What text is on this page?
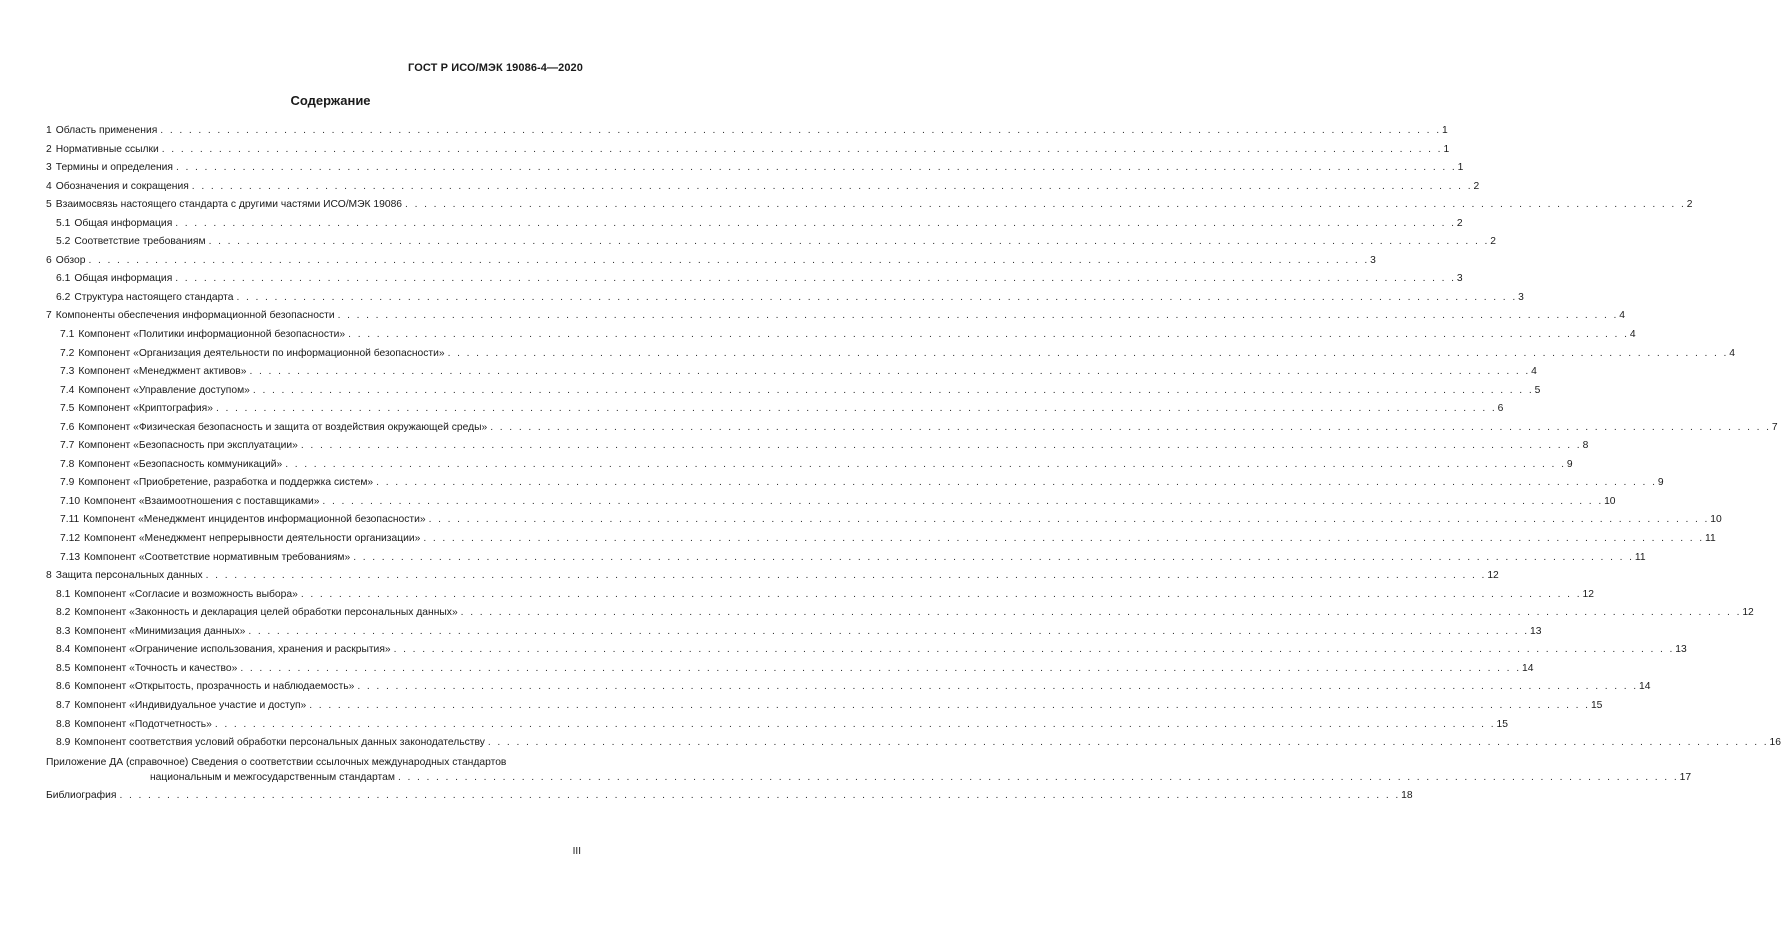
ГОСТ Р ИСО/МЭК 19086-4—2020
Содержание
1 Область применения . . . . . . . . . . . . . . . . . . . . . . . . . . . . . . . . . . . . . . . . . . . . . . . . . . . . . . . . . . . . . . . . . . . . . . . . . . . . . . . . . . . . . . . . . . . . . . . . . . . . . . . . . . . . . . . . . . . . . . . . . . . . . . . . . . . . . . . 1
2 Нормативные ссылки . . . . . . . . . . . . . . . . . . . . . . . . . . . . . . . . . . . . . . . . . . . . . . . . . . . . . . . . . . . . . . . . . . . . . . . . . . . . . . . . . . . . . . . . . . . . . . . . . . . . . . . . . . . . . . . . . . . . . . . . . . . . . . . . . . . . . . . 1
3 Термины и определения . . . . . . . . . . . . . . . . . . . . . . . . . . . . . . . . . . . . . . . . . . . . . . . . . . . . . . . . . . . . . . . . . . . . . . . . . . . . . . . . . . . . . . . . . . . . . . . . . . . . . . . . . . . . . . . . . . . . . . . . . . . . . . . . . . . . . . . 1
4 Обозначения и сокращения . . . . . . . . . . . . . . . . . . . . . . . . . . . . . . . . . . . . . . . . . . . . . . . . . . . . . . . . . . . . . . . . . . . . . . . . . . . . . . . . . . . . . . . . . . . . . . . . . . . . . . . . . . . . . . . . . . . . . . . . . . . . . . . . . . . . . . . 2
5 Взаимосвязь настоящего стандарта с другими частями ИСО/МЭК 19086 . . . . . . . . . . . . . . . . . . . . . . . . . . . . . . . . . . . . . . . . . . . . . . . . . . . . . . . . . . . . . . . . . . . . . . . . . . . . . . . . . . . . . . . . . . . . . . . . . . . . . . . . . . . . . . . . . . . . . . . . . . . . . . . . . . . . . . . 2
5.1 Общая информация . . . . . . . . . . . . . . . . . . . . . . . . . . . . . . . . . . . . . . . . . . . . . . . . . . . . . . . . . . . . . . . . . . . . . . . . . . . . . . . . . . . . . . . . . . . . . . . . . . . . . . . . . . . . . . . . . . . . . . . . . . . . . . . . . . . . . . . 2
5.2 Соответствие требованиям . . . . . . . . . . . . . . . . . . . . . . . . . . . . . . . . . . . . . . . . . . . . . . . . . . . . . . . . . . . . . . . . . . . . . . . . . . . . . . . . . . . . . . . . . . . . . . . . . . . . . . . . . . . . . . . . . . . . . . . . . . . . . . . . . . . . . . . 2
6 Обзор . . . . . . . . . . . . . . . . . . . . . . . . . . . . . . . . . . . . . . . . . . . . . . . . . . . . . . . . . . . . . . . . . . . . . . . . . . . . . . . . . . . . . . . . . . . . . . . . . . . . . . . . . . . . . . . . . . . . . . . . . . . . . . . . . . . . . . . 3
6.1 Общая информация . . . . . . . . . . . . . . . . . . . . . . . . . . . . . . . . . . . . . . . . . . . . . . . . . . . . . . . . . . . . . . . . . . . . . . . . . . . . . . . . . . . . . . . . . . . . . . . . . . . . . . . . . . . . . . . . . . . . . . . . . . . . . . . . . . . . . . . 3
6.2 Структура настоящего стандарта . . . . . . . . . . . . . . . . . . . . . . . . . . . . . . . . . . . . . . . . . . . . . . . . . . . . . . . . . . . . . . . . . . . . . . . . . . . . . . . . . . . . . . . . . . . . . . . . . . . . . . . . . . . . . . . . . . . . . . . . . . . . . . . . . . . . . . . 3
7 Компоненты обеспечения информационной безопасности . . . . . . . . . . . . . . . . . . . . . . . . . . . . . . . . . . . . . . . . . . . . . . . . . . . . . . . . . . . . . . . . . . . . . . . . . . . . . . . . . . . . . . . . . . . . . . . . . . . . . . . . . . . . . . . . . . . . . . . . . . . . . . . . . . . . . . . 4
7.1 Компонент «Политики информационной безопасности» . . . . . . . . . . . . . . . . . . . . . . . . . . . . . . . . . . . . . . . . . . . . . . . . . . . . . . . . . . . . . . . . . . . . . . . . . . . . . . . . . . . . . . . . . . . . . . . . . . . . . . . . . . . . . . . . . . . . . . . . . . . . . . . . . . . . . . . 4
7.2 Компонент «Организация деятельности по информационной безопасности» . . . . . . . . . . . . . . . . . . . . . . . . . . . . . . . . . . . . . . . . . . . . . . . . . . . . . . . . . . . . . . . . . . . . . . . . . . . . . . . . . . . . . . . . . . . . . . . . . . . . . . . . . . . . . . . . . . . . . . . . . . . . . . . . . . . . . . . 4
7.3 Компонент «Менеджмент активов» . . . . . . . . . . . . . . . . . . . . . . . . . . . . . . . . . . . . . . . . . . . . . . . . . . . . . . . . . . . . . . . . . . . . . . . . . . . . . . . . . . . . . . . . . . . . . . . . . . . . . . . . . . . . . . . . . . . . . . . . . . . . . . . . . . . . . . . 4
7.4 Компонент «Управление доступом» . . . . . . . . . . . . . . . . . . . . . . . . . . . . . . . . . . . . . . . . . . . . . . . . . . . . . . . . . . . . . . . . . . . . . . . . . . . . . . . . . . . . . . . . . . . . . . . . . . . . . . . . . . . . . . . . . . . . . . . . . . . . . . . . . . . . . . . 5
7.5 Компонент «Криптография» . . . . . . . . . . . . . . . . . . . . . . . . . . . . . . . . . . . . . . . . . . . . . . . . . . . . . . . . . . . . . . . . . . . . . . . . . . . . . . . . . . . . . . . . . . . . . . . . . . . . . . . . . . . . . . . . . . . . . . . . . . . . . . . . . . . . . . . 6
7.6 Компонент «Физическая безопасность и защита от воздействия окружающей среды» . . . . . . . . . . . . . . . . . . . . . . . . . . . . . . . . . . . . . . . . . . . . . . . . . . . . . . . . . . . . . . . . . . . . . . . . . . . . . . . . . . . . . . . . . . . . . . . . . . . . . . . . . . . . . . . . . . . . . . . . . . . . . . . . . . . . . . . 7
7.7 Компонент «Безопасность при эксплуатации» . . . . . . . . . . . . . . . . . . . . . . . . . . . . . . . . . . . . . . . . . . . . . . . . . . . . . . . . . . . . . . . . . . . . . . . . . . . . . . . . . . . . . . . . . . . . . . . . . . . . . . . . . . . . . . . . . . . . . . . . . . . . . . . . . . . . . . . 8
7.8 Компонент «Безопасность коммуникаций» . . . . . . . . . . . . . . . . . . . . . . . . . . . . . . . . . . . . . . . . . . . . . . . . . . . . . . . . . . . . . . . . . . . . . . . . . . . . . . . . . . . . . . . . . . . . . . . . . . . . . . . . . . . . . . . . . . . . . . . . . . . . . . . . . . . . . . . 9
7.9 Компонент «Приобретение, разработка и поддержка систем» . . . . . . . . . . . . . . . . . . . . . . . . . . . . . . . . . . . . . . . . . . . . . . . . . . . . . . . . . . . . . . . . . . . . . . . . . . . . . . . . . . . . . . . . . . . . . . . . . . . . . . . . . . . . . . . . . . . . . . . . . . . . . . . . . . . . . . . 9
7.10 Компонент «Взаимоотношения с поставщиками» . . . . . . . . . . . . . . . . . . . . . . . . . . . . . . . . . . . . . . . . . . . . . . . . . . . . . . . . . . . . . . . . . . . . . . . . . . . . . . . . . . . . . . . . . . . . . . . . . . . . . . . . . . . . . . . . . . . . . . . . . . . . . . . . . . . . . . . 10
7.11 Компонент «Менеджмент инцидентов информационной безопасности» . . . . . . . . . . . . . . . . . . . . . . . . . . . . . . . . . . . . . . . . . . . . . . . . . . . . . . . . . . . . . . . . . . . . . . . . . . . . . . . . . . . . . . . . . . . . . . . . . . . . . . . . . . . . . . . . . . . . . . . . . . . . . . . . . . . . . . . 10
7.12 Компонент «Менеджмент непрерывности деятельности организации» . . . . . . . . . . . . . . . . . . . . . . . . . . . . . . . . . . . . . . . . . . . . . . . . . . . . . . . . . . . . . . . . . . . . . . . . . . . . . . . . . . . . . . . . . . . . . . . . . . . . . . . . . . . . . . . . . . . . . . . . . . . . . . . . . . . . . . . 11
7.13 Компонент «Соответствие нормативным требованиям» . . . . . . . . . . . . . . . . . . . . . . . . . . . . . . . . . . . . . . . . . . . . . . . . . . . . . . . . . . . . . . . . . . . . . . . . . . . . . . . . . . . . . . . . . . . . . . . . . . . . . . . . . . . . . . . . . . . . . . . . . . . . . . . . . . . . . . . 11
8 Защита персональных данных . . . . . . . . . . . . . . . . . . . . . . . . . . . . . . . . . . . . . . . . . . . . . . . . . . . . . . . . . . . . . . . . . . . . . . . . . . . . . . . . . . . . . . . . . . . . . . . . . . . . . . . . . . . . . . . . . . . . . . . . . . . . . . . . . . . . . . . 12
8.1 Компонент «Согласие и возможность выбора» . . . . . . . . . . . . . . . . . . . . . . . . . . . . . . . . . . . . . . . . . . . . . . . . . . . . . . . . . . . . . . . . . . . . . . . . . . . . . . . . . . . . . . . . . . . . . . . . . . . . . . . . . . . . . . . . . . . . . . . . . . . . . . . . . . . . . . . 12
8.2 Компонент «Законность и декларация целей обработки персональных данных» . . . . . . . . . . . . . . . . . . . . . . . . . . . . . . . . . . . . . . . . . . . . . . . . . . . . . . . . . . . . . . . . . . . . . . . . . . . . . . . . . . . . . . . . . . . . . . . . . . . . . . . . . . . . . . . . . . . . . . . . . . . . . . . . . . . . . . . 12
8.3 Компонент «Минимизация данных» . . . . . . . . . . . . . . . . . . . . . . . . . . . . . . . . . . . . . . . . . . . . . . . . . . . . . . . . . . . . . . . . . . . . . . . . . . . . . . . . . . . . . . . . . . . . . . . . . . . . . . . . . . . . . . . . . . . . . . . . . . . . . . . . . . . . . . . 13
8.4 Компонент «Ограничение использования, хранения и раскрытия» . . . . . . . . . . . . . . . . . . . . . . . . . . . . . . . . . . . . . . . . . . . . . . . . . . . . . . . . . . . . . . . . . . . . . . . . . . . . . . . . . . . . . . . . . . . . . . . . . . . . . . . . . . . . . . . . . . . . . . . . . . . . . . . . . . . . . . . 13
8.5 Компонент «Точность и качество» . . . . . . . . . . . . . . . . . . . . . . . . . . . . . . . . . . . . . . . . . . . . . . . . . . . . . . . . . . . . . . . . . . . . . . . . . . . . . . . . . . . . . . . . . . . . . . . . . . . . . . . . . . . . . . . . . . . . . . . . . . . . . . . . . . . . . . . 14
8.6 Компонент «Открытость, прозрачность и наблюдаемость» . . . . . . . . . . . . . . . . . . . . . . . . . . . . . . . . . . . . . . . . . . . . . . . . . . . . . . . . . . . . . . . . . . . . . . . . . . . . . . . . . . . . . . . . . . . . . . . . . . . . . . . . . . . . . . . . . . . . . . . . . . . . . . . . . . . . . . . 14
8.7 Компонент «Индивидуальное участие и доступ» . . . . . . . . . . . . . . . . . . . . . . . . . . . . . . . . . . . . . . . . . . . . . . . . . . . . . . . . . . . . . . . . . . . . . . . . . . . . . . . . . . . . . . . . . . . . . . . . . . . . . . . . . . . . . . . . . . . . . . . . . . . . . . . . . . . . . . . 15
8.8 Компонент «Подотчетность» . . . . . . . . . . . . . . . . . . . . . . . . . . . . . . . . . . . . . . . . . . . . . . . . . . . . . . . . . . . . . . . . . . . . . . . . . . . . . . . . . . . . . . . . . . . . . . . . . . . . . . . . . . . . . . . . . . . . . . . . . . . . . . . . . . . . . . . 15
8.9 Компонент соответствия условий обработки персональных данных законодательству . . . . . . . . . . . . . . . . . . . . . . . . . . . . . . . . . . . . . . . . . . . . . . . . . . . . . . . . . . . . . . . . . . . . . . . . . . . . . . . . . . . . . . . . . . . . . . . . . . . . . . . . . . . . . . . . . . . . . . . . . . . . . . . . . . . . . . . 16
Приложение ДА (справочное) Сведения о соответствии ссылочных международных стандартов
национальным и межгосударственным стандартам . . . . . . . . . . . . . . . . . . . . . . . . . . . . . . . . . . . . . . . . . . . . . . . . . . . . . . . . . . . . . . . . . . . . . . . . . . . . . . . . . . . . . . . . . . . . . . . . . . . . . . . . . . . . . . . . . . . . . . . . . . . . . . . . . . . . . . . 17
Библиография . . . . . . . . . . . . . . . . . . . . . . . . . . . . . . . . . . . . . . . . . . . . . . . . . . . . . . . . . . . . . . . . . . . . . . . . . . . . . . . . . . . . . . . . . . . . . . . . . . . . . . . . . . . . . . . . . . . . . . . . . . . . . . . . . . . . . . . 18
III
